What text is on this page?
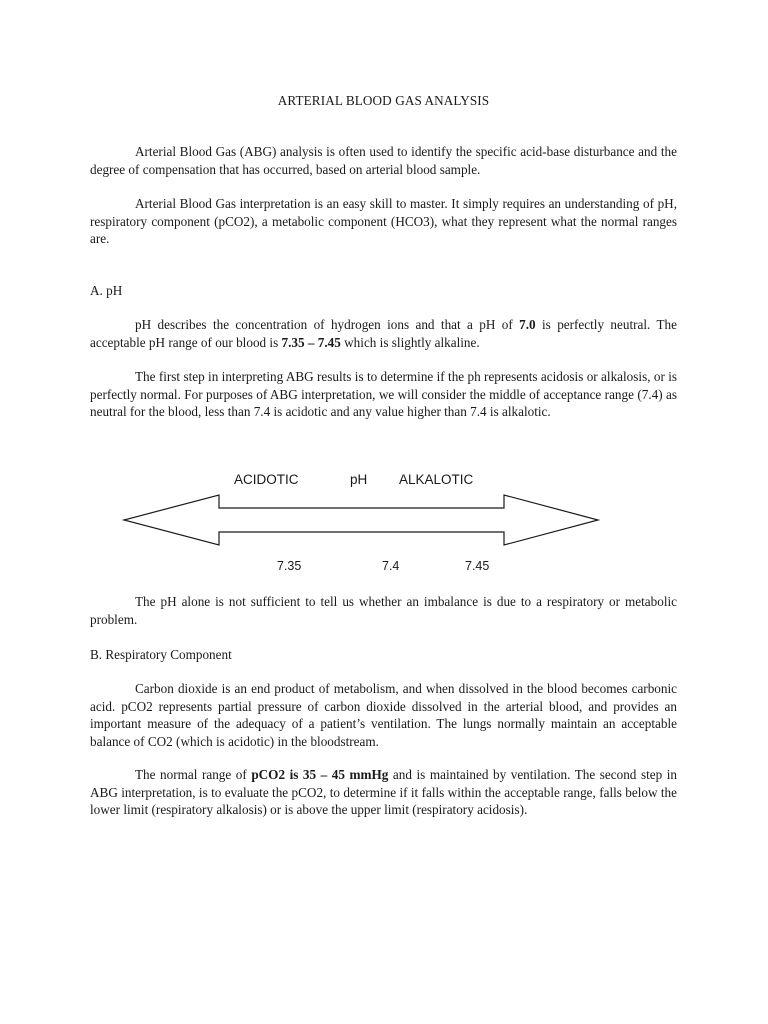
ARTERIAL BLOOD GAS ANALYSIS

Arterial Blood Gas (ABG) analysis is often used to identify the specific acid-base disturbance and the degree of compensation that has occurred, based on arterial blood sample.

Arterial Blood Gas interpretation is an easy skill to master. It simply requires an understanding of pH, respiratory component (pCO2), a metabolic component (HCO3), what they represent what the normal ranges are.

A. pH

pH describes the concentration of hydrogen ions and that a pH of 7.0 is perfectly neutral. The acceptable pH range of our blood is 7.35 – 7.45 which is slightly alkaline.

The first step in interpreting ABG results is to determine if the ph represents acidosis or alkalosis, or is perfectly normal. For purposes of ABG interpretation, we will consider the middle of acceptance range (7.4) as neutral for the blood, less than 7.4 is acidotic and any value higher than 7.4 is alkalotic.

The pH alone is not sufficient to tell us whether an imbalance is due to a respiratory or metabolic problem.

B. Respiratory Component

Carbon dioxide is an end product of metabolism, and when dissolved in the blood becomes carbonic acid. pCO2 represents partial pressure of carbon dioxide dissolved in the arterial blood, and provides an important measure of the adequacy of a patient’s ventilation. The lungs normally maintain an acceptable balance of CO2 (which is acidotic) in the bloodstream.

The normal range of pCO2 is 35 – 45 mmHg and is maintained by ventilation. The second step in ABG interpretation, is to evaluate the pCO2, to determine if it falls within the acceptable range, falls below the lower limit (respiratory alkalosis) or is above the upper limit (respiratory acidosis).

ACIDOTIC	pH ALKALOTIC
7.35	7.4	7.45
